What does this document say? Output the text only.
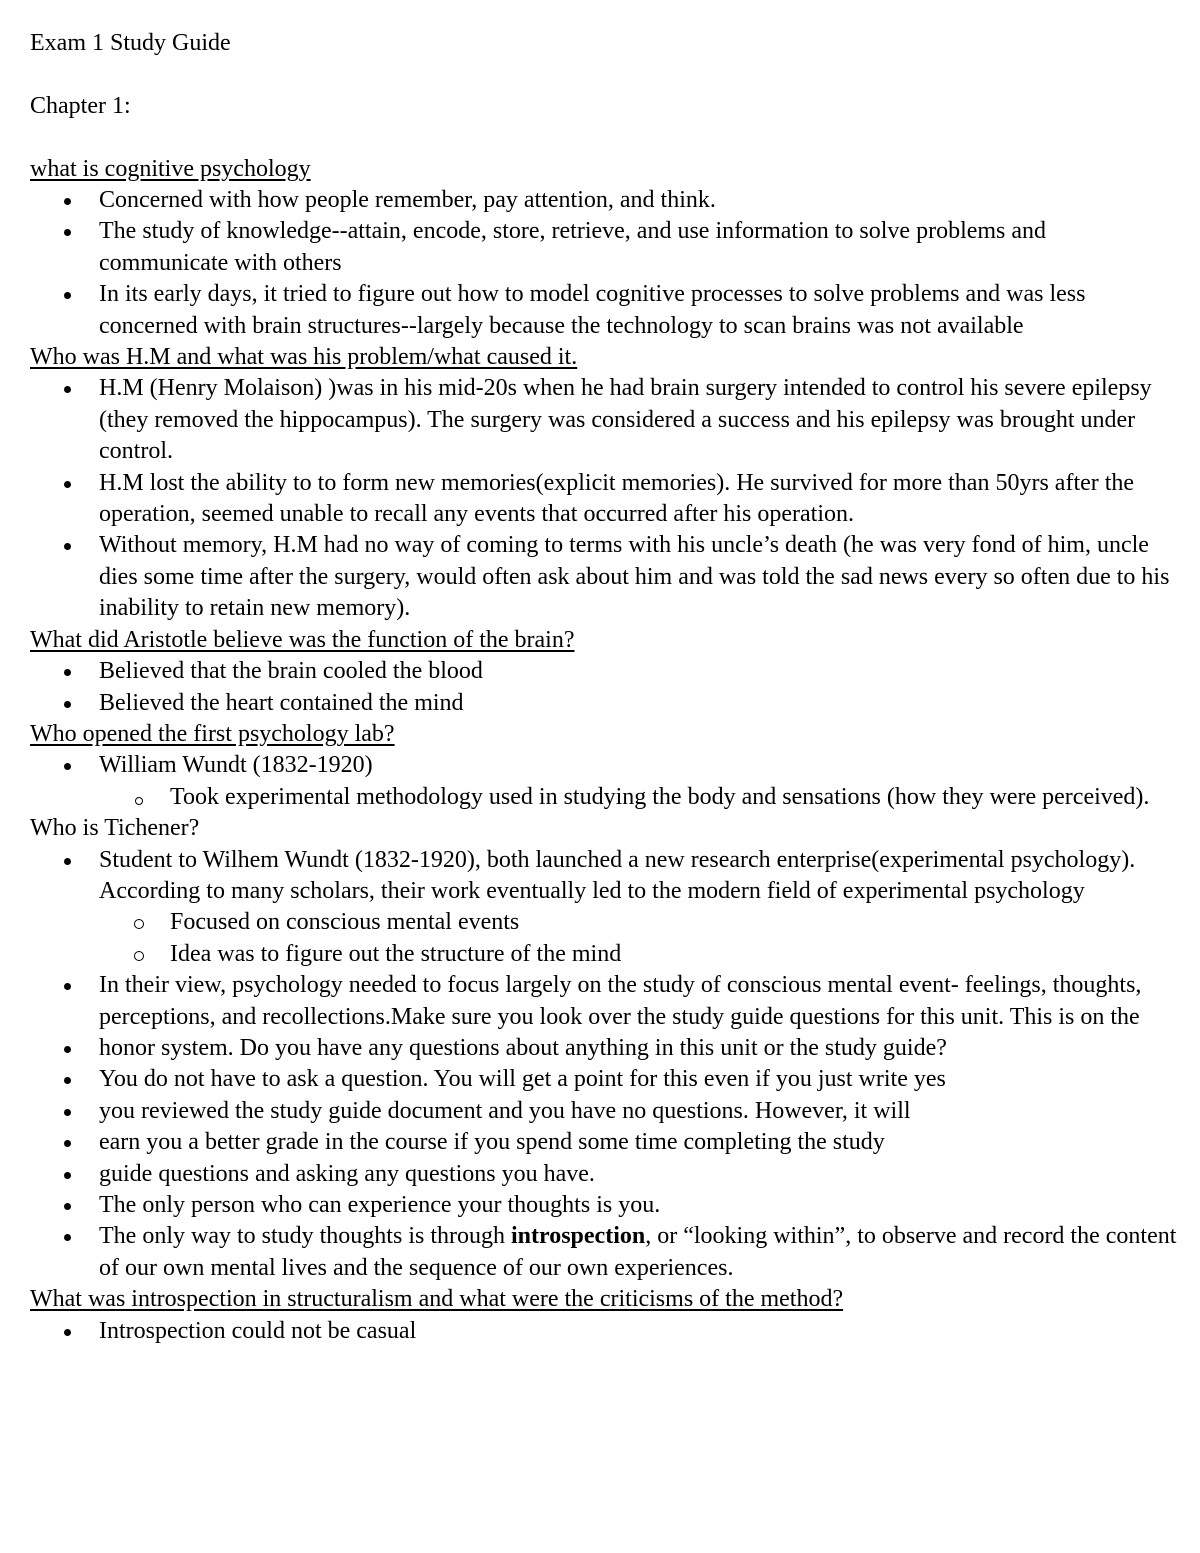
Exam 1 Study Guide

Chapter 1:

what is cognitive psychology

Concerned with how people remember, pay attention, and think.
The study of knowledge--attain, encode, store, retrieve, and use information to solve problems and communicate with others
In its early days, it tried to figure out how to model cognitive processes to solve problems and was less concerned with brain structures--largely because the technology to scan brains was not available

Who was H.M and what was his problem/what caused it.

H.M (Henry Molaison) )was in his mid-20s when he had brain surgery intended to control his severe epilepsy (they removed the hippocampus). The surgery was considered a success and his epilepsy was brought under control.
H.M lost the ability to to form new memories(explicit memories). He survived for more than 50yrs after the operation, seemed unable to recall any events that occurred after his operation.
Without memory, H.M had no way of coming to terms with his uncle’s death (he was very fond of him, uncle dies some time after the surgery, would often ask about him and was told the sad news every so often due to his inability to retain new memory).

What did Aristotle believe was the function of the brain?

Believed that the brain cooled the blood
Believed the heart contained the mind

Who opened the first psychology lab?

William Wundt (1832-1920)
Took experimental methodology used in studying the body and sensations (how they were perceived).

Who is Tichener?

Student to Wilhem Wundt (1832-1920), both launched a new research enterprise(experimental psychology). According to many scholars, their work eventually led to the modern field of experimental psychology
Focused on conscious mental events
Idea was to figure out the structure of the mind
In their view, psychology needed to focus largely on the study of conscious mental event- feelings, thoughts, perceptions, and recollections.Make sure you look over the study guide questions for this unit. This is on the
honor system. Do you have any questions about anything in this unit or the study guide?
You do not have to ask a question. You will get a point for this even if you just write yes
you reviewed the study guide document and you have no questions. However, it will
earn you a better grade in the course if you spend some time completing the study
guide questions and asking any questions you have.
The only person who can experience your thoughts is you.
The only way to study thoughts is through introspection, or “looking within”, to observe and record the content of our own mental lives and the sequence of our own experiences.

What was introspection in structuralism and what were the criticisms of the method?

Introspection could not be casual
